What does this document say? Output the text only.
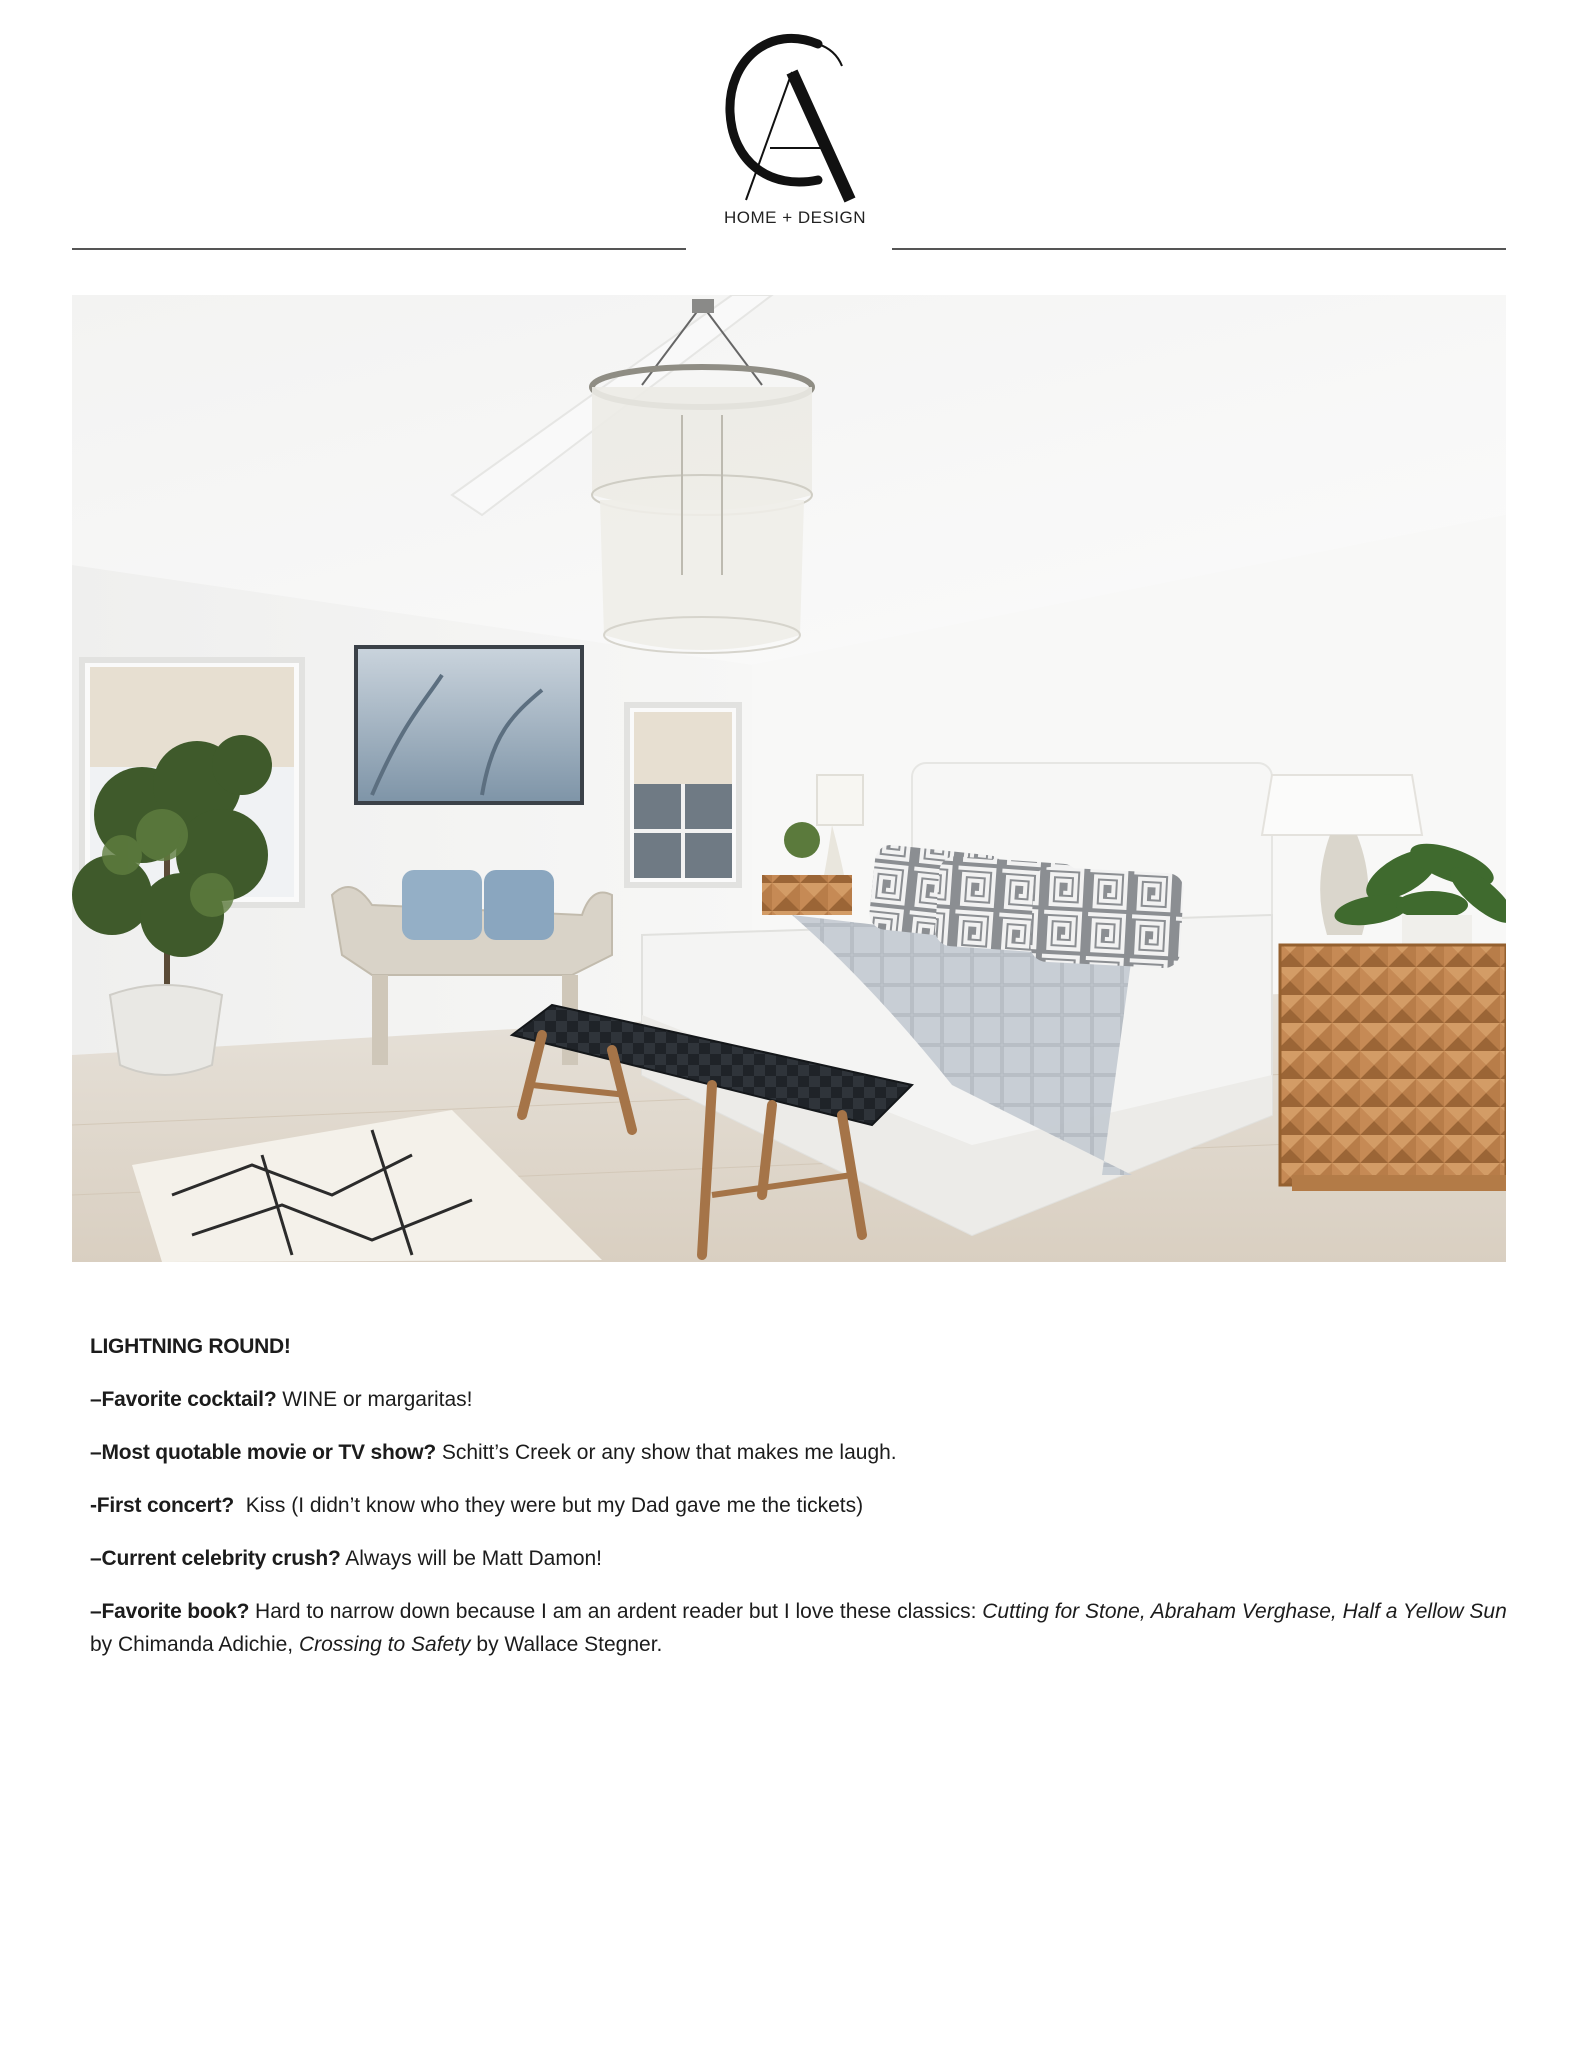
HOME + DESIGN

LIGHTNING ROUND!

–Favorite cocktail? WINE or margaritas!

–Most quotable movie or TV show? Schitt’s Creek or any show that makes me laugh.

-First concert?  Kiss (I didn’t know who they were but my Dad gave me the tickets)

–Current celebrity crush? Always will be Matt Damon!

–Favorite book? Hard to narrow down because I am an ardent reader but I love these classics: Cutting for Stone, Abraham Verghase, Half a Yellow Sun by Chimanda Adichie, Crossing to Safety by Wallace Stegner.
